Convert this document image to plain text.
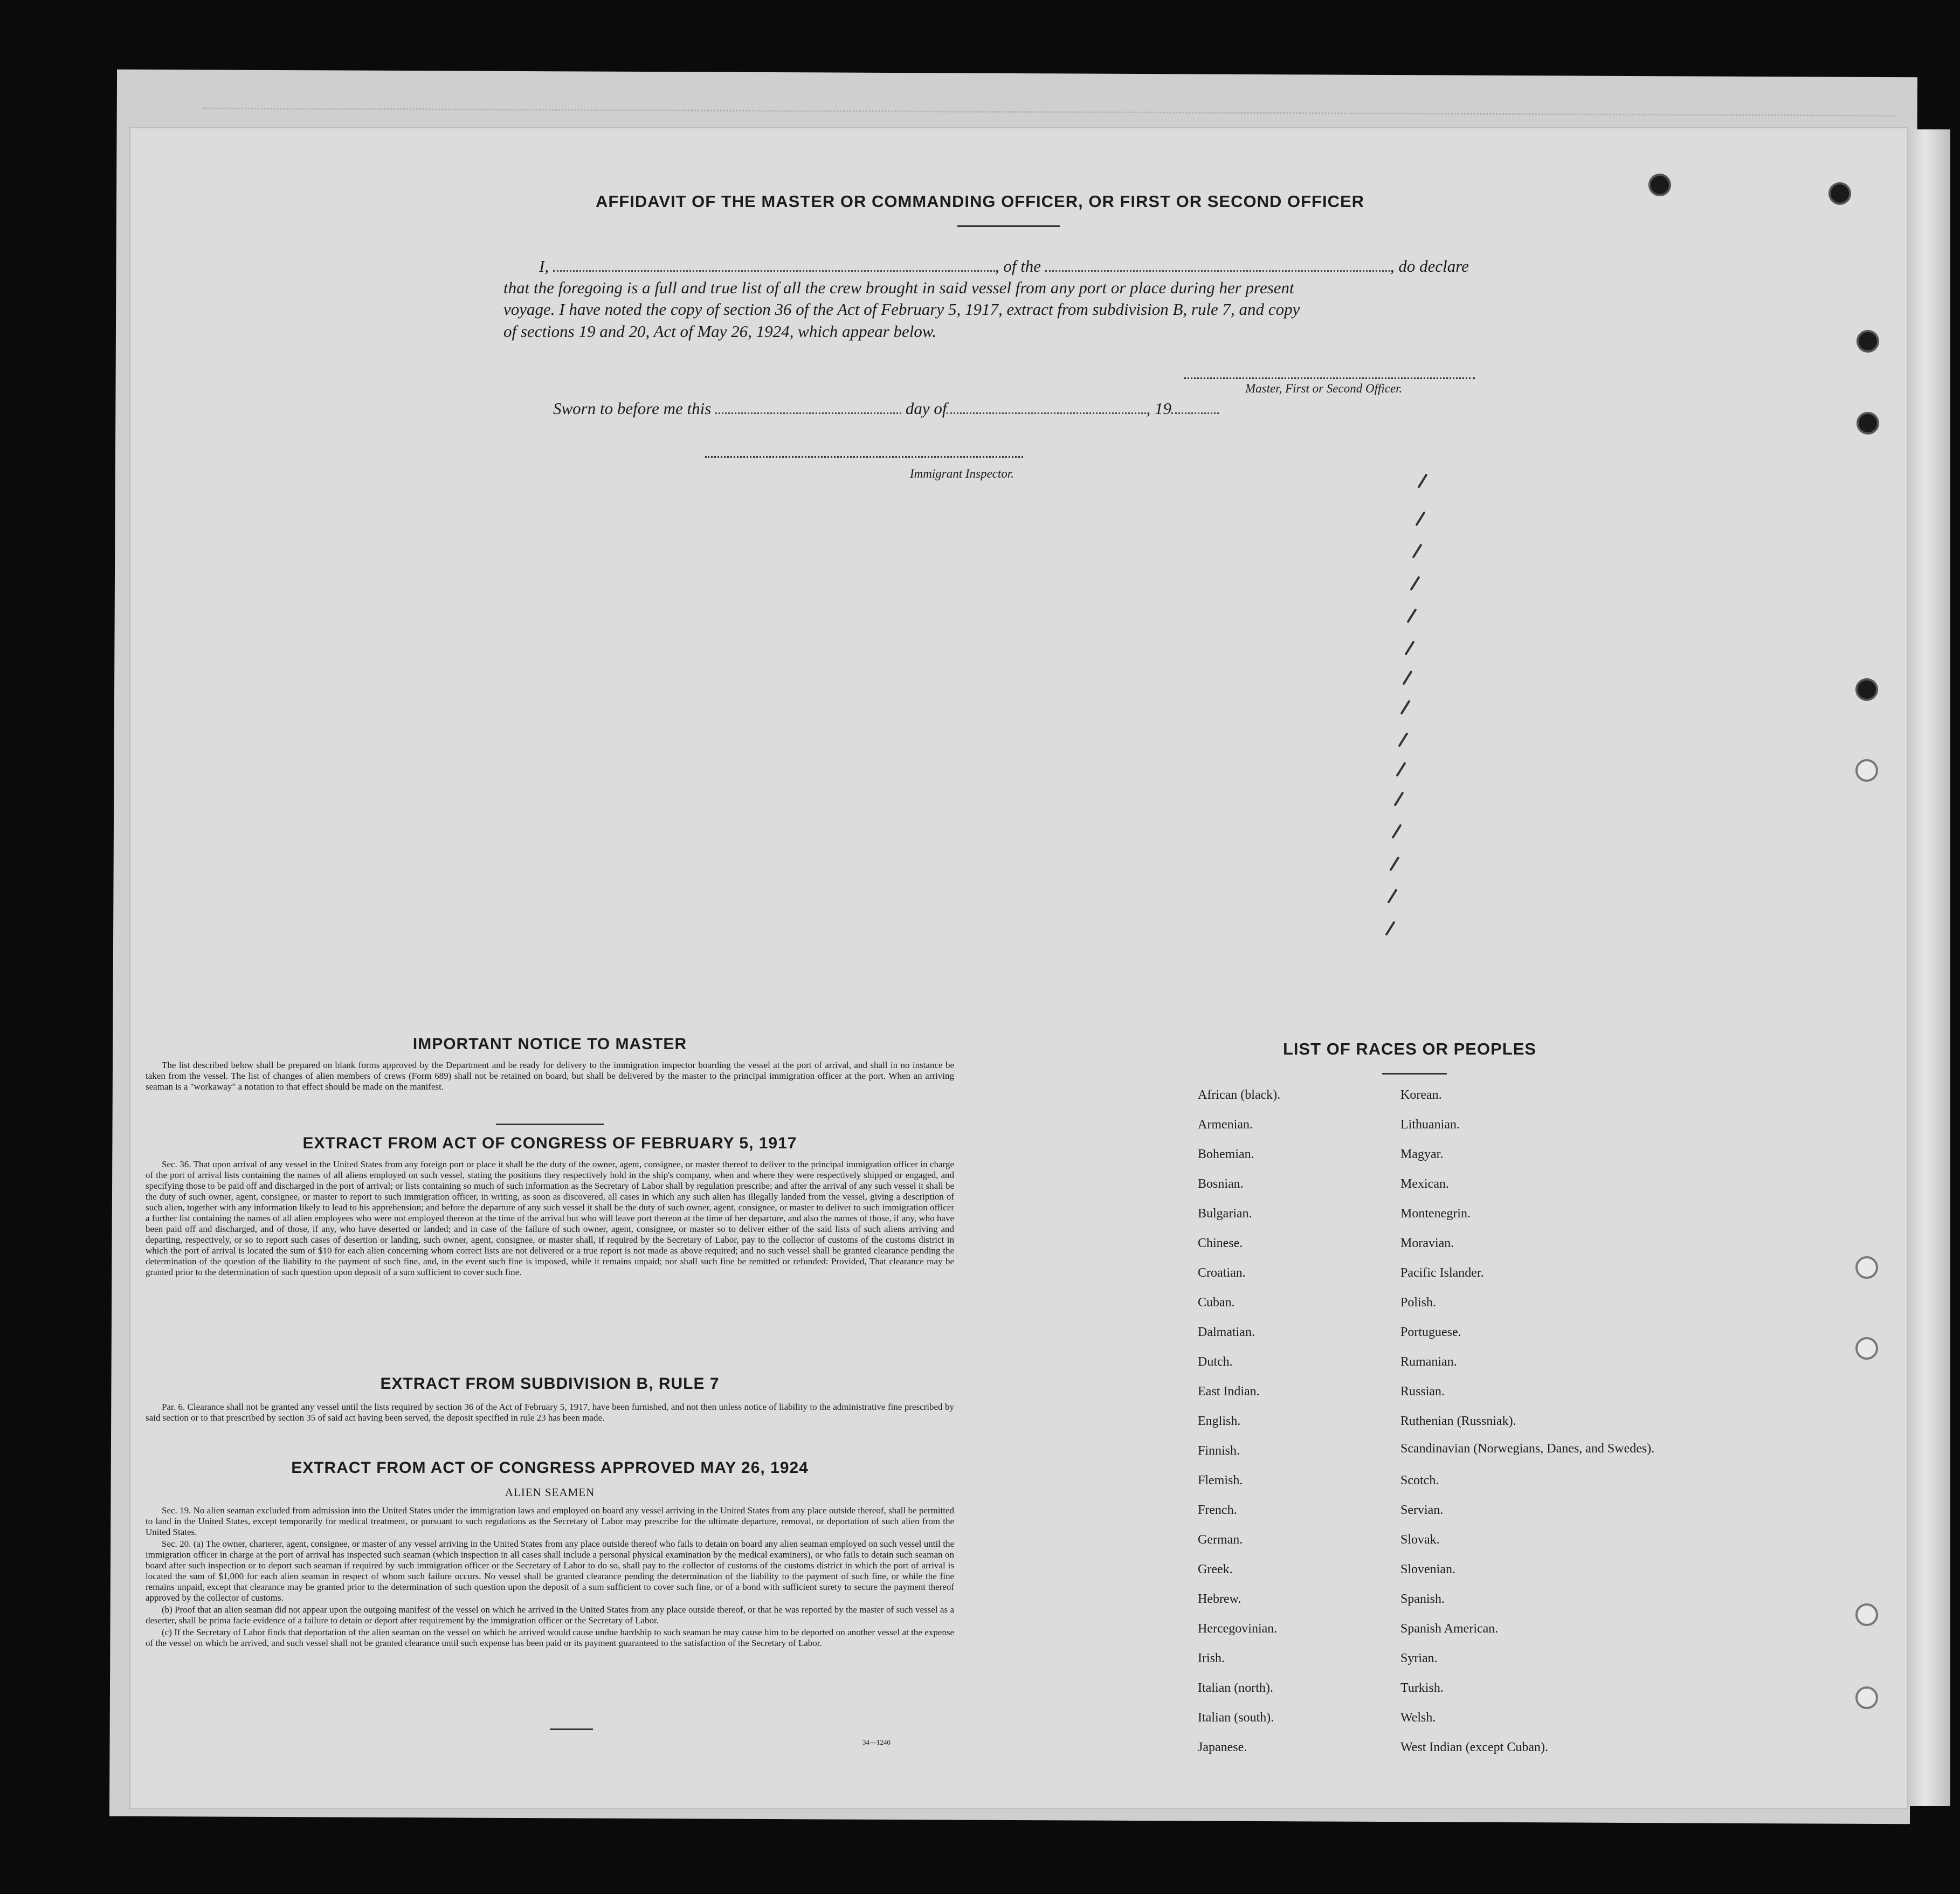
AFFIDAVIT OF THE MASTER OR COMMANDING OFFICER, OR FIRST OR SECOND OFFICER
I,	, of the	, do declare
that the foregoing is a full and true list of all the crew brought in said vessel from any port or place during her present
voyage. I have noted the copy of section 36 of the Act of February 5, 1917, extract from subdivision B, rule 7, and copy
of sections 19 and 20, Act of May 26, 1924, which appear below.
Master, First or Second Officer.
Sworn to before me this	day of	, 19
Immigrant Inspector.
IMPORTANT NOTICE TO MASTER

The list described below shall be prepared on blank forms approved by the Department and be ready for delivery to the immigration inspector boarding the vessel at the port of arrival, and shall in no instance be taken from the vessel. The list of changes of alien members of crews (Form 689) shall not be retained on board, but shall be delivered by the master to the principal immigration officer at the port. When an arriving seaman is a "workaway" a notation to that effect should be made on the manifest.

EXTRACT FROM ACT OF CONGRESS OF FEBRUARY 5, 1917

Sec. 36. That upon arrival of any vessel in the United States from any foreign port or place it shall be the duty of the owner, agent, consignee, or master thereof to deliver to the principal immigration officer in charge of the port of arrival lists containing the names of all aliens employed on such vessel, stating the positions they respectively hold in the ship's company, when and where they were respectively shipped or engaged, and specifying those to be paid off and discharged in the port of arrival; or lists containing so much of such information as the Secretary of Labor shall by regulation prescribe; and after the arrival of any such vessel it shall be the duty of such owner, agent, consignee, or master to report to such immigration officer, in writing, as soon as discovered, all cases in which any such alien has illegally landed from the vessel, giving a description of such alien, together with any information likely to lead to his apprehension; and before the departure of any such vessel it shall be the duty of such owner, agent, consignee, or master to deliver to such immigration officer a further list containing the names of all alien employees who were not employed thereon at the time of the arrival but who will leave port thereon at the time of her departure, and also the names of those, if any, who have been paid off and discharged, and of those, if any, who have deserted or landed; and in case of the failure of such owner, agent, consignee, or master so to deliver either of the said lists of such aliens arriving and departing, respectively, or so to report such cases of desertion or landing, such owner, agent, consignee, or master shall, if required by the Secretary of Labor, pay to the collector of customs of the customs district in which the port of arrival is located the sum of $10 for each alien concerning whom correct lists are not delivered or a true report is not made as above required; and no such vessel shall be granted clearance pending the determination of the question of the liability to the payment of such fine, and, in the event such fine is imposed, while it remains unpaid; nor shall such fine be remitted or refunded: Provided, That clearance may be granted prior to the determination of such question upon deposit of a sum sufficient to cover such fine.

EXTRACT FROM SUBDIVISION B, RULE 7

Par. 6. Clearance shall not be granted any vessel until the lists required by section 36 of the Act of February 5, 1917, have been furnished, and not then unless notice of liability to the administrative fine prescribed by said section or to that prescribed by section 35 of said act having been served, the deposit specified in rule 23 has been made.

EXTRACT FROM ACT OF CONGRESS APPROVED MAY 26, 1924
ALIEN SEAMEN

Sec. 19. No alien seaman excluded from admission into the United States under the immigration laws and employed on board any vessel arriving in the United States from any place outside thereof, shall be permitted to land in the United States, except temporarily for medical treatment, or pursuant to such regulations as the Secretary of Labor may prescribe for the ultimate departure, removal, or deportation of such alien from the United States.

Sec. 20. (a) The owner, charterer, agent, consignee, or master of any vessel arriving in the United States from any place outside thereof who fails to detain on board any alien seaman employed on such vessel until the immigration officer in charge at the port of arrival has inspected such seaman (which inspection in all cases shall include a personal physical examination by the medical examiners), or who fails to detain such seaman on board after such inspection or to deport such seaman if required by such immigration officer or the Secretary of Labor to do so, shall pay to the collector of customs of the customs district in which the port of arrival is located the sum of $1,000 for each alien seaman in respect of whom such failure occurs. No vessel shall be granted clearance pending the determination of the liability to the payment of such fine, or while the fine remains unpaid, except that clearance may be granted prior to the determination of such question upon the deposit of a sum sufficient to cover such fine, or of a bond with sufficient surety to secure the payment thereof approved by the collector of customs.

(b) Proof that an alien seaman did not appear upon the outgoing manifest of the vessel on which he arrived in the United States from any place outside thereof, or that he was reported by the master of such vessel as a deserter, shall be prima facie evidence of a failure to detain or deport after requirement by the immigration officer or the Secretary of Labor.

(c) If the Secretary of Labor finds that deportation of the alien seaman on the vessel on which he arrived would cause undue hardship to such seaman he may cause him to be deported on another vessel at the expense of the vessel on which he arrived, and such vessel shall not be granted clearance until such expense has been paid or its payment guaranteed to the satisfaction of the Secretary of Labor.

34—1240
LIST OF RACES OR PEOPLES
African (black).
Armenian.
Bohemian.
Bosnian.
Bulgarian.
Chinese.
Croatian.
Cuban.
Dalmatian.
Dutch.
East Indian.
English.
Finnish.
Flemish.
French.
German.
Greek.
Hebrew.
Hercegovinian.
Irish.
Italian (north).
Italian (south).
Japanese.
Korean.
Lithuanian.
Magyar.
Mexican.
Montenegrin.
Moravian.
Pacific Islander.
Polish.
Portuguese.
Rumanian.
Russian.
Ruthenian (Russniak).
Scandinavian (Norwegians, Danes, and Swedes).
Scotch.
Servian.
Slovak.
Slovenian.
Spanish.
Spanish American.
Syrian.
Turkish.
Welsh.
West Indian (except Cuban).
